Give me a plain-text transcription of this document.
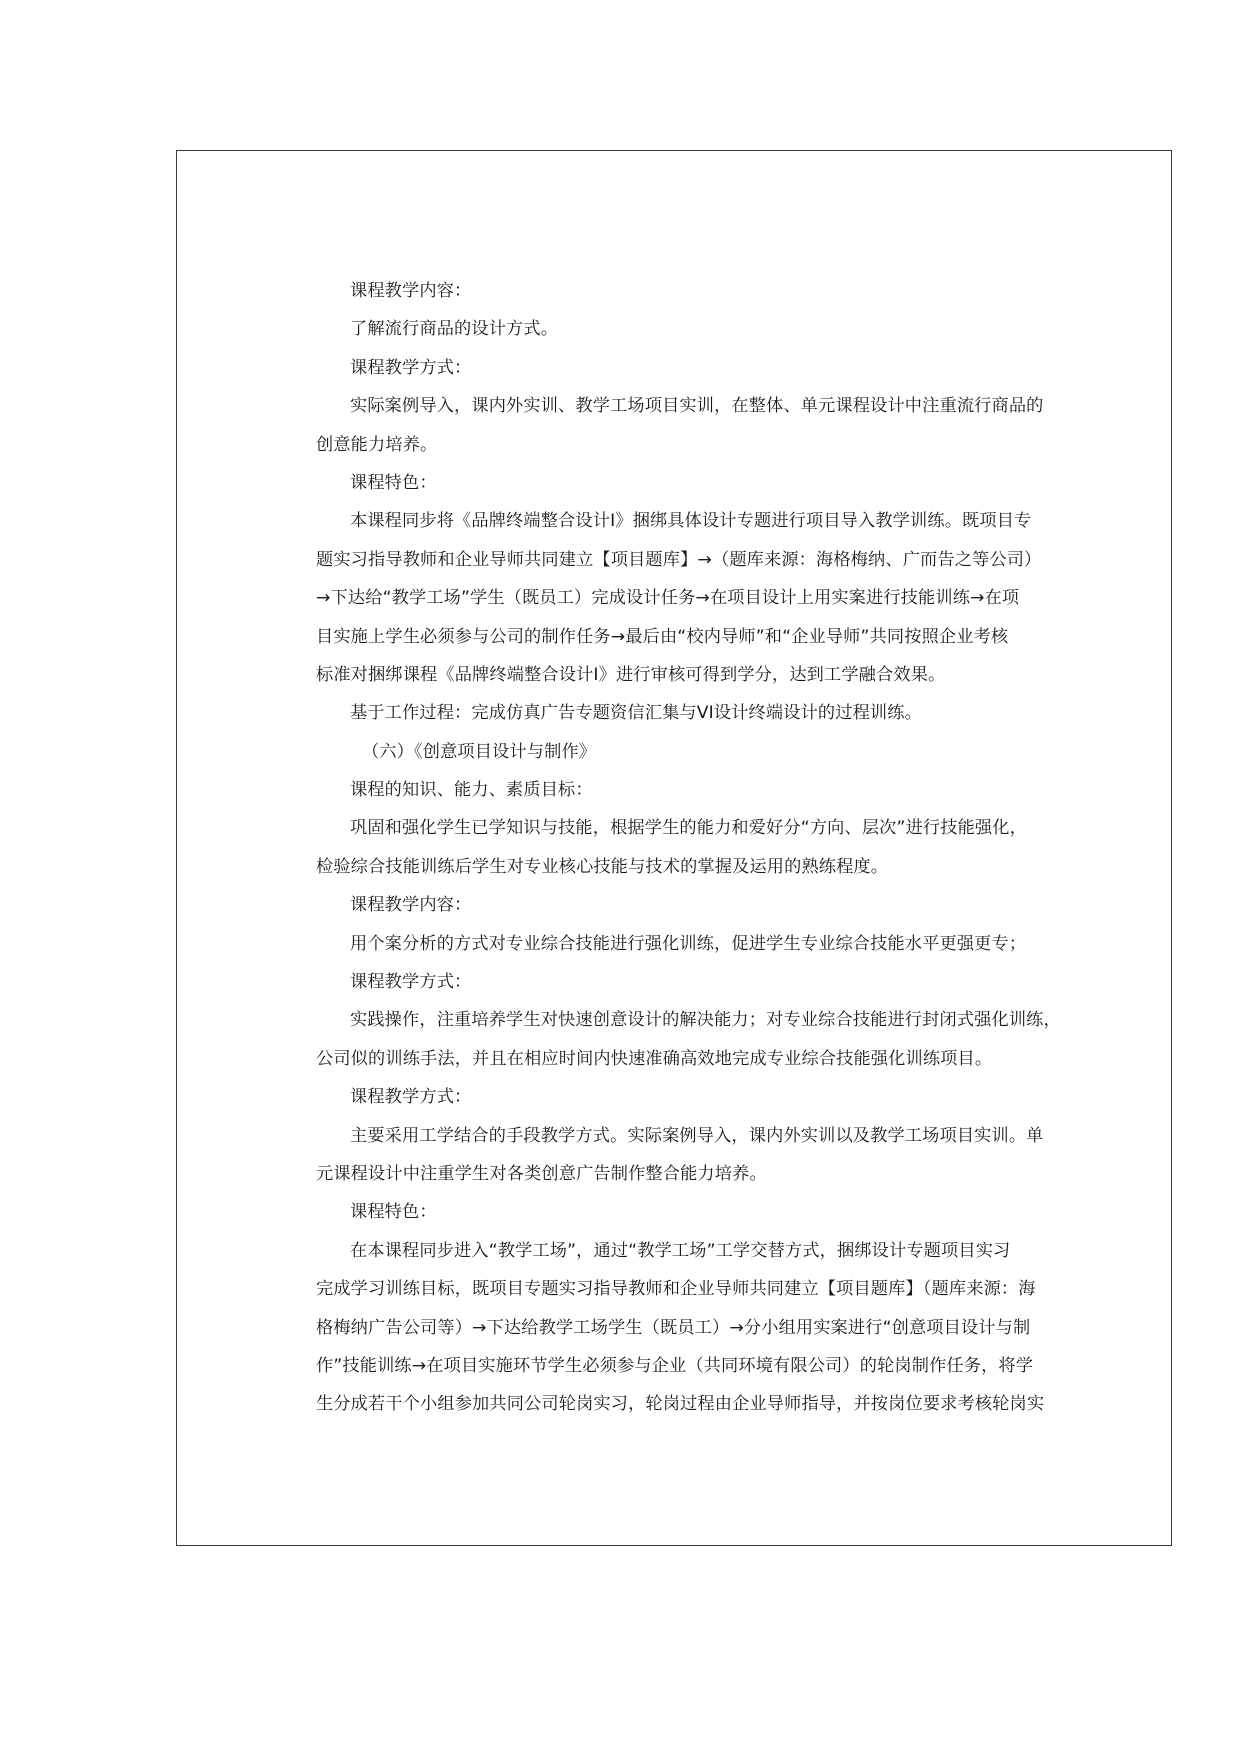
课程教学内容：
了解流行商品的设计方式。
课程教学方式：
实际案例导入，课内外实训、教学工场项目实训，在整体、单元课程设计中注重流行商品的
创意能力培养。
课程特色：
本课程同步将《品牌终端整合设计Ⅰ》捆绑具体设计专题进行项目导入教学训练。既项目专
题实习指导教师和企业导师共同建立【项目题库】→（题库来源：海格梅纳、广而告之等公司）
→下达给“教学工场”学生（既员工）完成设计任务→在项目设计上用实案进行技能训练→在项
目实施上学生必须参与公司的制作任务→最后由“校内导师”和“企业导师”共同按照企业考核
标准对捆绑课程《品牌终端整合设计Ⅰ》进行审核可得到学分，达到工学融合效果。
基于工作过程：完成仿真广告专题资信汇集与VI设计终端设计的过程训练。
（六）《创意项目设计与制作》
课程的知识、能力、素质目标：
巩固和强化学生已学知识与技能，根据学生的能力和爱好分“方向、层次”进行技能强化，
检验综合技能训练后学生对专业核心技能与技术的掌握及运用的熟练程度。
课程教学内容：
用个案分析的方式对专业综合技能进行强化训练，促进学生专业综合技能水平更强更专；
课程教学方式：
实践操作，注重培养学生对快速创意设计的解决能力；对专业综合技能进行封闭式强化训练，
公司似的训练手法，并且在相应时间内快速准确高效地完成专业综合技能强化训练项目。
课程教学方式：
主要采用工学结合的手段教学方式。实际案例导入，课内外实训以及教学工场项目实训。单
元课程设计中注重学生对各类创意广告制作整合能力培养。
课程特色：
在本课程同步进入“教学工场”，通过“教学工场”工学交替方式，捆绑设计专题项目实习
完成学习训练目标，既项目专题实习指导教师和企业导师共同建立【项目题库】（题库来源：海
格梅纳广告公司等）→下达给教学工场学生（既员工）→分小组用实案进行“创意项目设计与制
作”技能训练→在项目实施环节学生必须参与企业（共同环境有限公司）的轮岗制作任务，将学
生分成若干个小组参加共同公司轮岗实习，轮岗过程由企业导师指导，并按岗位要求考核轮岗实
